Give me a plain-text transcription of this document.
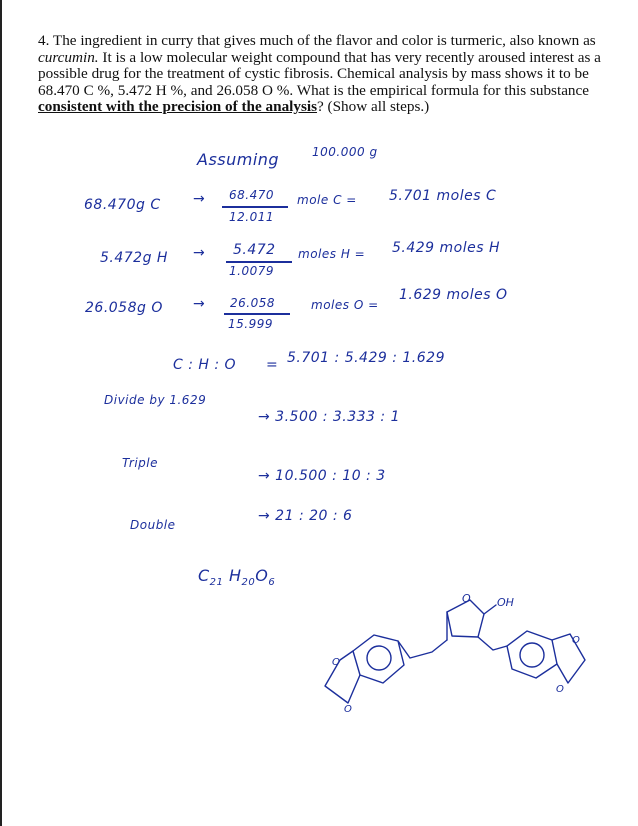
4. The ingredient in curry that gives much of the flavor and color is turmeric, also known as curcumin. It is a low molecular weight compound that has very recently aroused interest as a possible drug for the treatment of cystic fibrosis. Chemical analysis by mass shows it to be 68.470 C %, 5.472 H %, and 26.058 O %. What is the empirical formula for this substance consistent with the precision of the analysis? (Show all steps.)
Assuming	100.000 g
68.470g C → 68.470
12.011
mole C = 5.701 moles C
5.472g H → 5.472
1.0079
moles H = 5.429 moles H
26.058g O → 26.058
15.999
moles O =
1.629 moles O
C : H : O = 5.701 : 5.429 : 1.629
Divide by 1.629
→ 3.500 : 3.333 : 1
Triple
→ 10.500 : 10 : 3
Double
→ 21 : 20 : 6
$C_{21}$ $H_{20}O_6$
O OH
O
O
O
O
